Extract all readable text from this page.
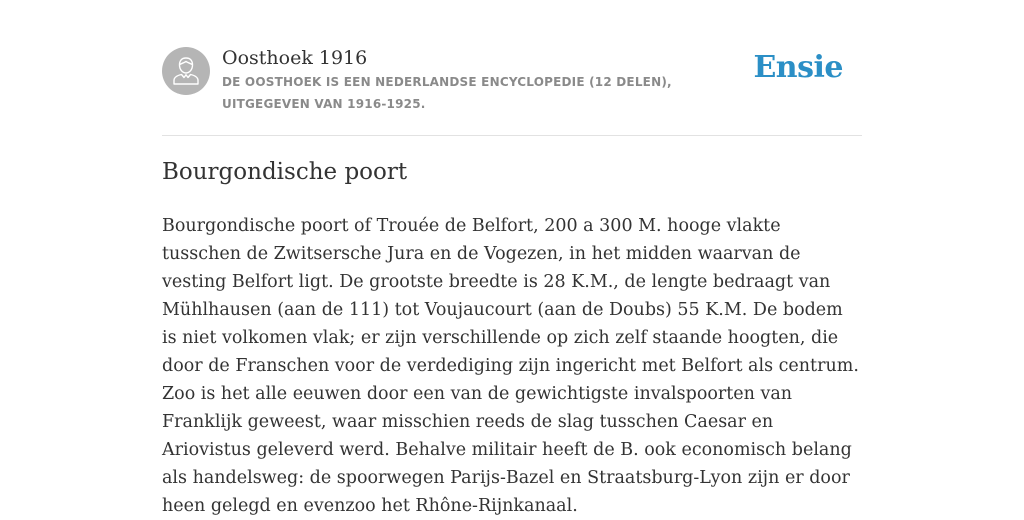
Oosthoek 1916
DE OOSTHOEK IS EEN NEDERLANDSE ENCYCLOPEDIE (12 DELEN), UITGEGEVEN VAN 1916-1925.
Ensie
Bourgondische poort

Bourgondische poort of Trouée de Belfort, 200 a 300 M. hooge vlakte tusschen de Zwitsersche Jura en de Vogezen, in het midden waarvan de vesting Belfort ligt. De grootste breedte is 28 K.M., de lengte bedraagt van Mühlhausen (aan de 111) tot Voujaucourt (aan de Doubs) 55 K.M. De bodem is niet volkomen vlak; er zijn verschillende op zich zelf staande hoogten, die door de Franschen voor de verdediging zijn ingericht met Belfort als centrum. Zoo is het alle eeuwen door een van de gewichtigste invalspoorten van Franklijk geweest, waar misschien reeds de slag tusschen Caesar en Ariovistus geleverd werd. Behalve militair heeft de B. ook economisch belang als handelsweg: de spoorwegen Parijs-Bazel en Straatsburg-Lyon zijn er door heen gelegd en evenzoo het Rhône-Rijnkanaal.
